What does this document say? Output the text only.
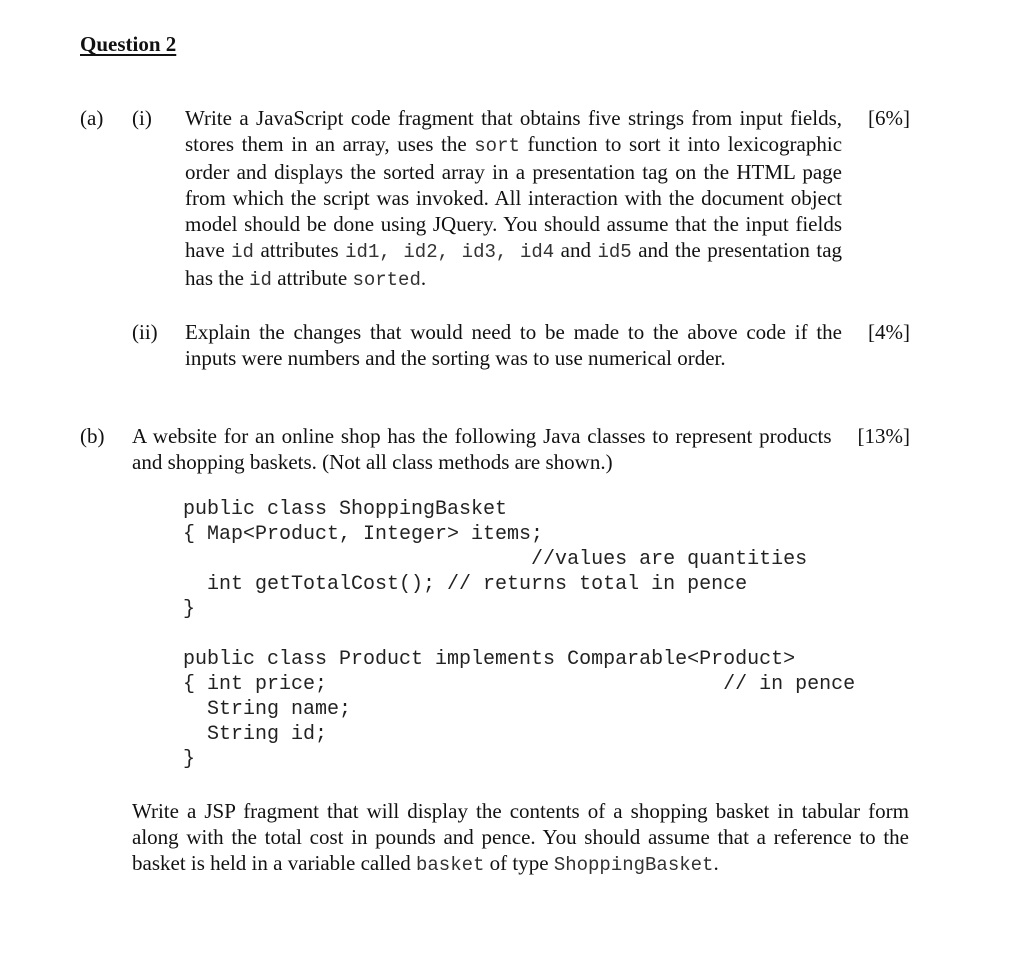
Question 2
(a)	(i)	Write a JavaScript code fragment that obtains five strings from input fields, stores them in an array, uses the sort function to sort it into lexicographic order and displays the sorted array in a presentation tag on the HTML page from which the script was invoked. All interaction with the document object model should be done using JQuery. You should assume that the input fields have id attributes id1, id2, id3, id4 and id5 and the presentation tag has the id attribute sorted.
[6%]
(ii)	Explain the changes that would need to be made to the above code if the inputs were numbers and the sorting was to use numerical order.
[4%]
(b)	A website for an online shop has the following Java classes to represent products and shopping baskets. (Not all class methods are shown.)
[13%]
public class ShoppingBasket
{ Map<Product, Integer> items;
//values are quantities
int getTotalCost(); // returns total in pence
}
public class Product implements Comparable<Product>
{ int price;                                 // in pence
String name;
String id;
}
Write a JSP fragment that will display the contents of a shopping basket in tabular form along with the total cost in pounds and pence. You should assume that a reference to the basket is held in a variable called basket of type ShoppingBasket.
